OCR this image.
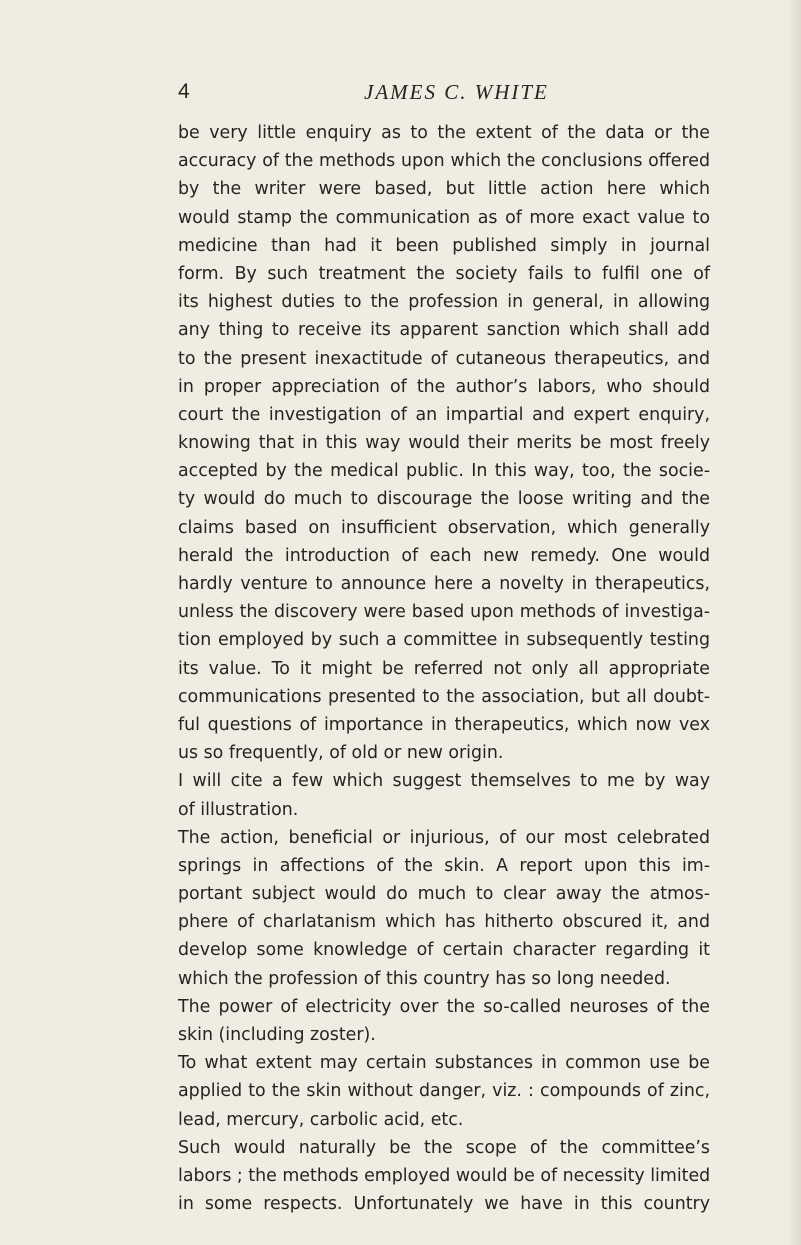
4	JAMES C. WHITE
be very little enquiry as to the extent of the data or the
accuracy of the methods upon which the conclusions offered
by the writer were based, but little action here which
would stamp the communication as of more exact value to
medicine than had it been published simply in journal
form. By such treatment the society fails to fulfil one of
its highest duties to the profession in general, in allowing
any thing to receive its apparent sanction which shall add
to the present inexactitude of cutaneous therapeutics, and
in proper appreciation of the author’s labors, who should
court the investigation of an impartial and expert enquiry,
knowing that in this way would their merits be most freely
accepted by the medical public. In this way, too, the socie-
ty would do much to discourage the loose writing and the
claims based on insufficient observation, which generally
herald the introduction of each new remedy. One would
hardly venture to announce here a novelty in therapeutics,
unless the discovery were based upon methods of investiga-
tion employed by such a committee in subsequently testing
its value. To it might be referred not only all appropriate
communications presented to the association, but all doubt-
ful questions of importance in therapeutics, which now vex
us so frequently, of old or new origin.
I will cite a few which suggest themselves to me by way
of illustration.
The action, beneficial or injurious, of our most celebrated
springs in affections of the skin. A report upon this im-
portant subject would do much to clear away the atmos-
phere of charlatanism which has hitherto obscured it, and
develop some knowledge of certain character regarding it
which the profession of this country has so long needed.
The power of electricity over the so-called neuroses of the
skin (including zoster).
To what extent may certain substances in common use be
applied to the skin without danger, viz. : compounds of zinc,
lead, mercury, carbolic acid, etc.
Such would naturally be the scope of the committee’s
labors ; the methods employed would be of necessity limited
in some respects. Unfortunately we have in this country
